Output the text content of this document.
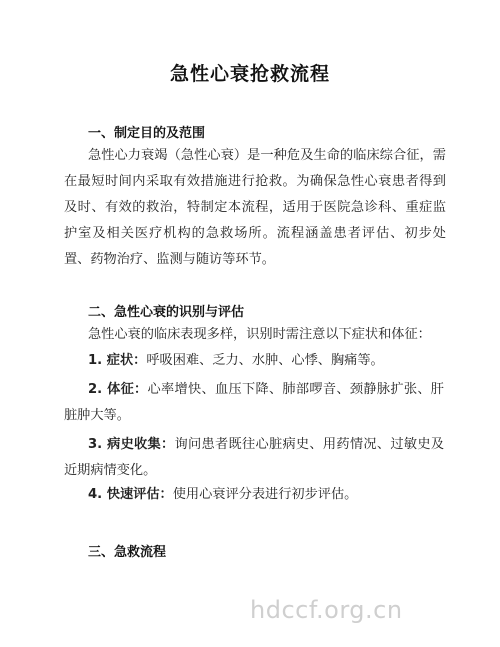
急性心衰抢救流程
一、制定目的及范围

急性心力衰竭（急性心衰）是一种危及生命的临床综合征，需在最短时间内采取有效措施进行抢救。为确保急性心衰患者得到及时、有效的救治，特制定本流程，适用于医院急诊科、重症监护室及相关医疗机构的急救场所。流程涵盖患者评估、初步处置、药物治疗、监测与随访等环节。

二、急性心衰的识别与评估

急性心衰的临床表现多样，识别时需注意以下症状和体征：

1. 症状：呼吸困难、乏力、水肿、心悸、胸痛等。

2. 体征：心率增快、血压下降、肺部啰音、颈静脉扩张、肝脏肿大等。

3. 病史收集：询问患者既往心脏病史、用药情况、过敏史及近期病情变化。

4. 快速评估：使用心衰评分表进行初步评估。

三、急救流程
hdccf.org.cn
